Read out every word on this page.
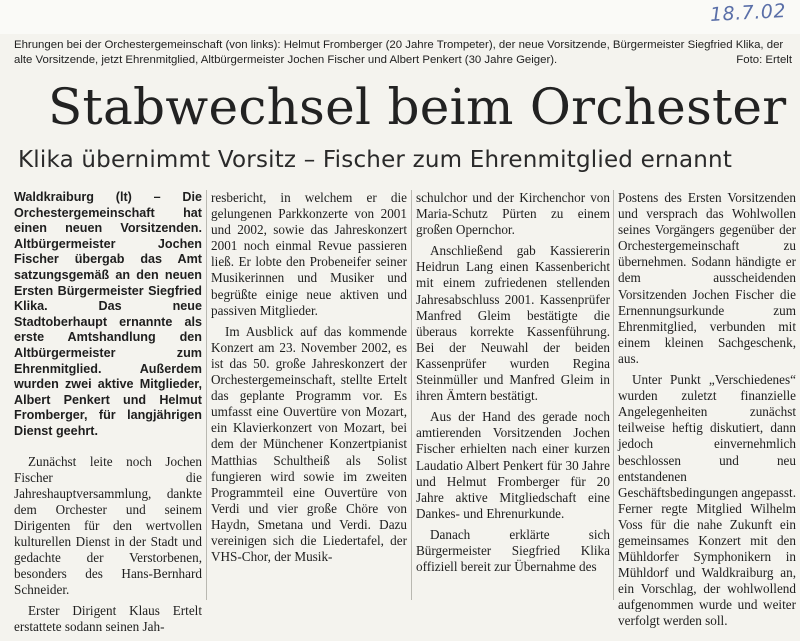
18.7.02
Ehrungen bei der Orchestergemeinschaft (von links): Helmut Fromberger (20 Jahre Trompeter), der neue Vorsitzende, Bürgermeister Siegfried Klika, der alte Vorsitzende, jetzt Ehrenmitglied, Altbürgermeister Jochen Fischer und Albert Penkert (30 Jahre Geiger).	Foto: Ertelt
Stabwechsel beim Orchester
Klika übernimmt Vorsitz – Fischer zum Ehrenmitglied ernannt

Waldkraiburg (lt) – Die Orchestergemeinschaft hat einen neuen Vorsitzenden. Altbürgermeister Jochen Fischer übergab das Amt satzungsgemäß an den neuen Ersten Bürgermeister Siegfried Klika. Das neue Stadtoberhaupt ernannte als erste Amtshandlung den Altbürgermeister zum Ehrenmitglied. Außerdem wurden zwei aktive Mitglieder, Albert Penkert und Helmut Fromberger, für langjährigen Dienst geehrt.

Zunächst leite noch Jochen Fischer die Jahreshauptversammlung, dankte dem Orchester und seinem Dirigenten für den wertvollen kulturellen Dienst in der Stadt und gedachte der Verstorbenen, besonders des Hans-Bernhard Schneider.

Erster Dirigent Klaus Ertelt erstattete sodann seinen Jah-

resbericht, in welchem er die gelungenen Parkkonzerte von 2001 und 2002, sowie das Jahreskonzert 2001 noch einmal Revue passieren ließ. Er lobte den Probeneifer seiner Musikerinnen und Musiker und begrüßte einige neue aktiven und passiven Mitglieder.

Im Ausblick auf das kommende Konzert am 23. November 2002, es ist das 50. große Jahreskonzert der Orchestergemeinschaft, stellte Ertelt das geplante Programm vor. Es umfasst eine Ouvertüre von Mozart, ein Klavierkonzert von Mozart, bei dem der Münchener Konzertpianist Matthias Schultheiß als Solist fungieren wird sowie im zweiten Programmteil eine Ouvertüre von Verdi und vier große Chöre von Haydn, Smetana und Verdi. Dazu vereinigen sich die Liedertafel, der VHS-Chor, der Musik-

schulchor und der Kirchenchor von Maria-Schutz Pürten zu einem großen Opernchor.

Anschließend gab Kassiererin Heidrun Lang einen Kassenbericht mit einem zufriedenen stellenden Jahresabschluss 2001. Kassenprüfer Manfred Gleim bestätigte die überaus korrekte Kassenführung. Bei der Neuwahl der beiden Kassenprüfer wurden Regina Steinmüller und Manfred Gleim in ihren Ämtern bestätigt.

Aus der Hand des gerade noch amtierenden Vorsitzenden Jochen Fischer erhielten nach einer kurzen Laudatio Albert Penkert für 30 Jahre und Helmut Fromberger für 20 Jahre aktive Mitgliedschaft eine Dankes- und Ehrenurkunde.

Danach erklärte sich Bürgermeister Siegfried Klika offiziell bereit zur Übernahme des

Postens des Ersten Vorsitzenden und versprach das Wohlwollen seines Vorgängers gegenüber der Orchestergemeinschaft zu übernehmen. Sodann händigte er dem ausscheidenden Vorsitzenden Jochen Fischer die Ernennungsurkunde zum Ehrenmitglied, verbunden mit einem kleinen Sachgeschenk, aus.

Unter Punkt „Verschiedenes“ wurden zuletzt finanzielle Angelegenheiten zunächst teilweise heftig diskutiert, dann jedoch einvernehmlich beschlossen und neu entstandenen Geschäftsbedingungen angepasst. Ferner regte Mitglied Wilhelm Voss für die nahe Zukunft ein gemeinsames Konzert mit den Mühldorfer Symphonikern in Mühldorf und Waldkraiburg an, ein Vorschlag, der wohlwollend aufgenommen wurde und weiter verfolgt werden soll.
